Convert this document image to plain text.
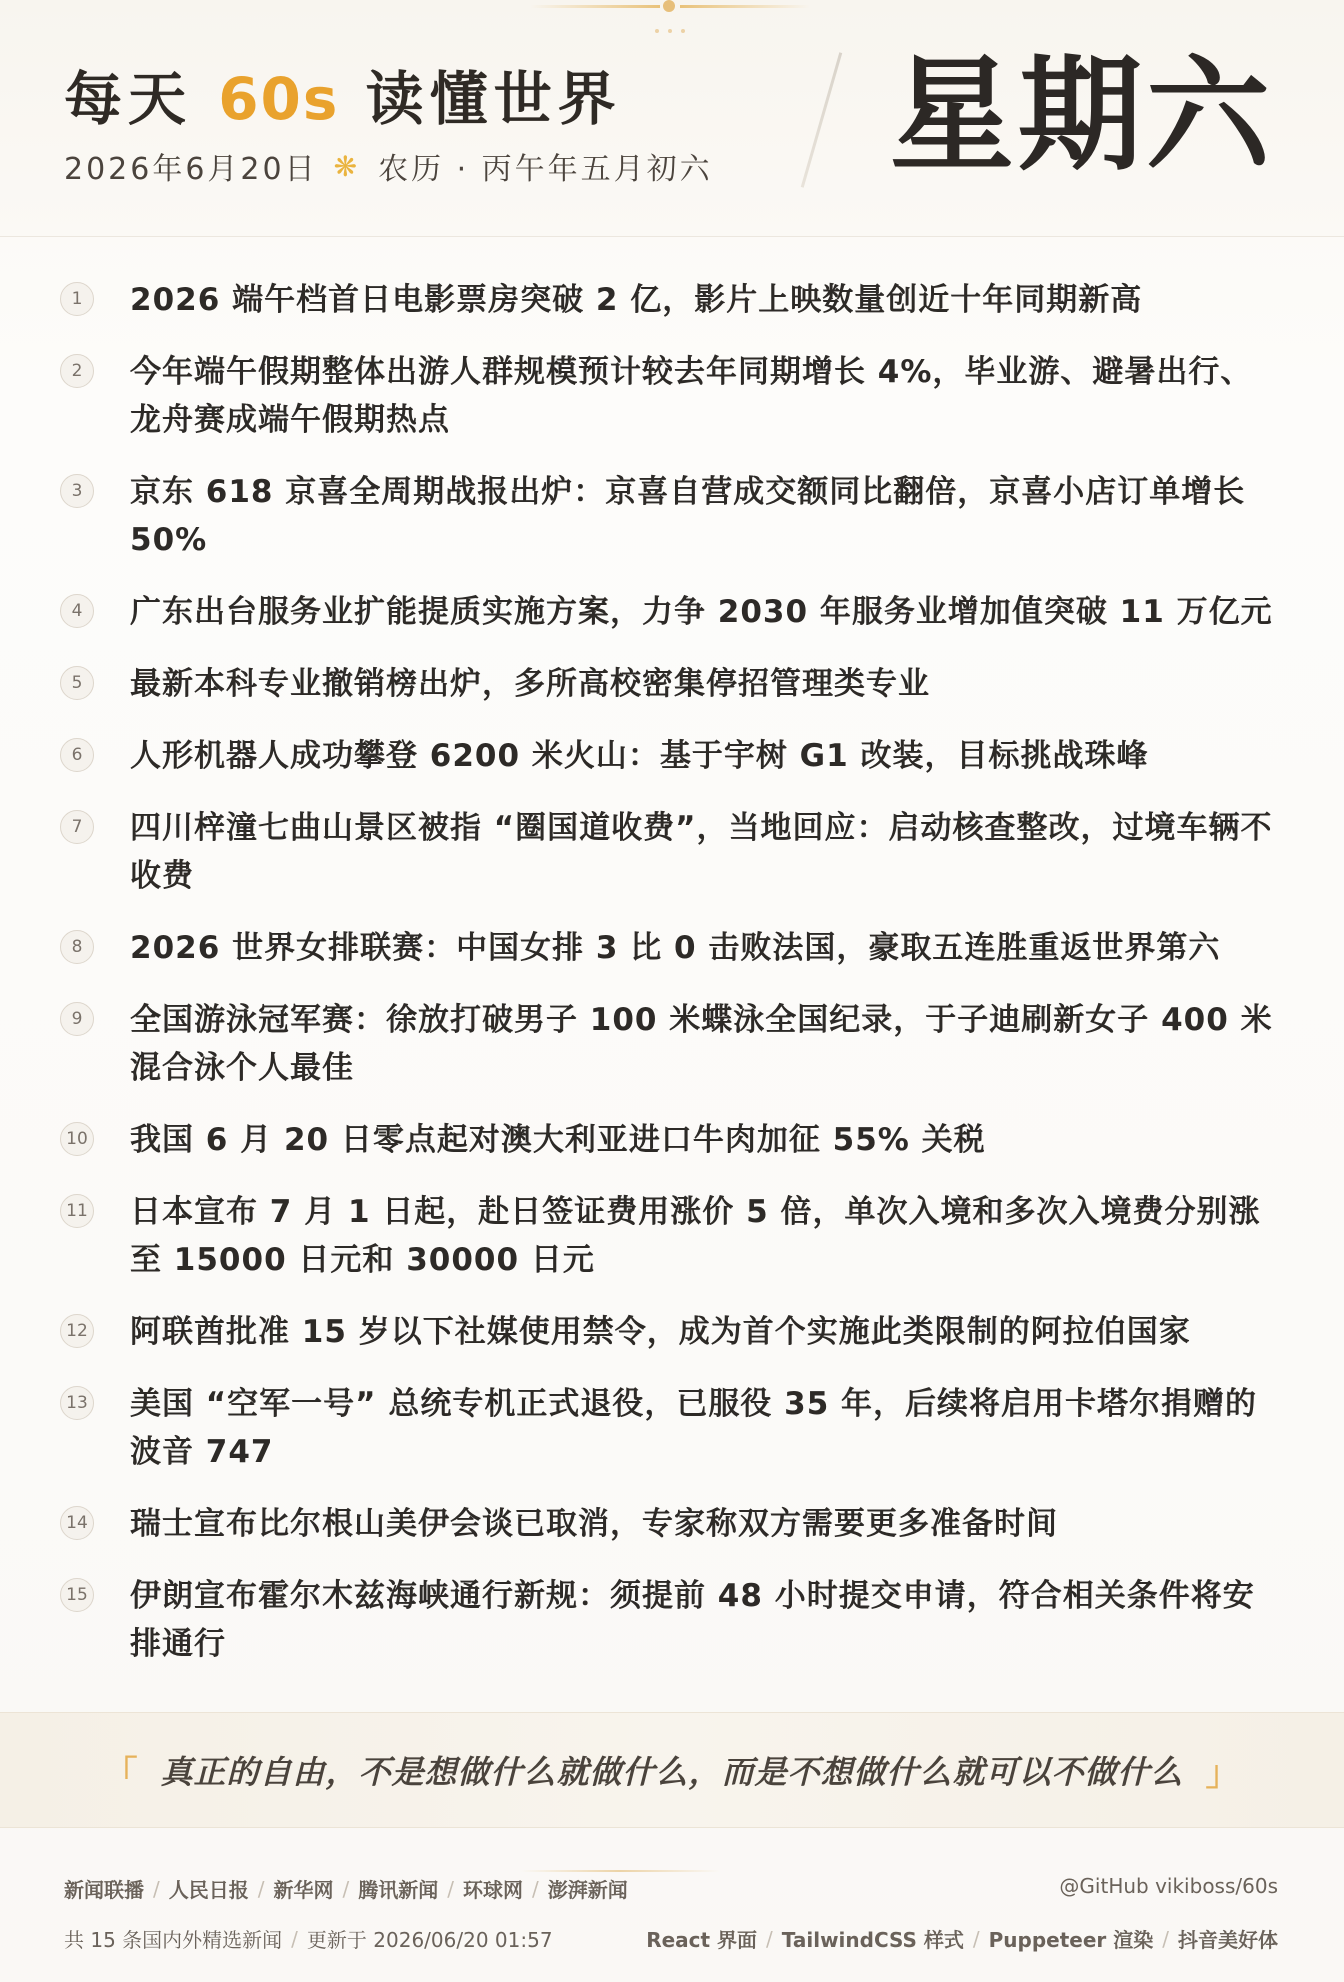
每天 60s 读懂世界
2026年6月20日 ❋ 农历 · 丙午年五月初六 星期六
1	2026 端午档首日电影票房突破 2 亿，影片上映数量创近十年同期新高
2	今年端午假期整体出游人群规模预计较去年同期增长 4%，毕业游、避暑出行、龙舟赛成端午假期热点
3	京东 618 京喜全周期战报出炉：京喜自营成交额同比翻倍，京喜小店订单增长 50%
4	广东出台服务业扩能提质实施方案，力争 2030 年服务业增加值突破 11 万亿元
5	最新本科专业撤销榜出炉，多所高校密集停招管理类专业
6	人形机器人成功攀登 6200 米火山：基于宇树 G1 改装，目标挑战珠峰
7	四川梓潼七曲山景区被指 “圈国道收费”，当地回应：启动核查整改，过境车辆不收费
8	2026 世界女排联赛：中国女排 3 比 0 击败法国，豪取五连胜重返世界第六
9	全国游泳冠军赛：徐放打破男子 100 米蝶泳全国纪录，于子迪刷新女子 400 米混合泳个人最佳
10 我国 6 月 20 日零点起对澳大利亚进口牛肉加征 55% 关税
11 日本宣布 7 月 1 日起，赴日签证费用涨价 5 倍，单次入境和多次入境费分别涨至 15000 日元和 30000 日元
12 阿联酋批准 15 岁以下社媒使用禁令，成为首个实施此类限制的阿拉伯国家
13 美国 “空军一号” 总统专机正式退役，已服役 35 年，后续将启用卡塔尔捐赠的波音 747
14 瑞士宣布比尔根山美伊会谈已取消，专家称双方需要更多准备时间
15 伊朗宣布霍尔木兹海峡通行新规：须提前 48 小时提交申请，符合相关条件将安排通行
「 真正的自由，不是想做什么就做什么，而是不想做什么就可以不做什么 」
新闻联播 / 人民日报 / 新华网 / 腾讯新闻 / 环球网 / 澎湃新闻
共 15 条国内外精选新闻 / 更新于 2026/06/20 01:57
@GitHub vikiboss/60s
React 界面 / TailwindCSS 样式 / Puppeteer 渲染 / 抖音美好体
